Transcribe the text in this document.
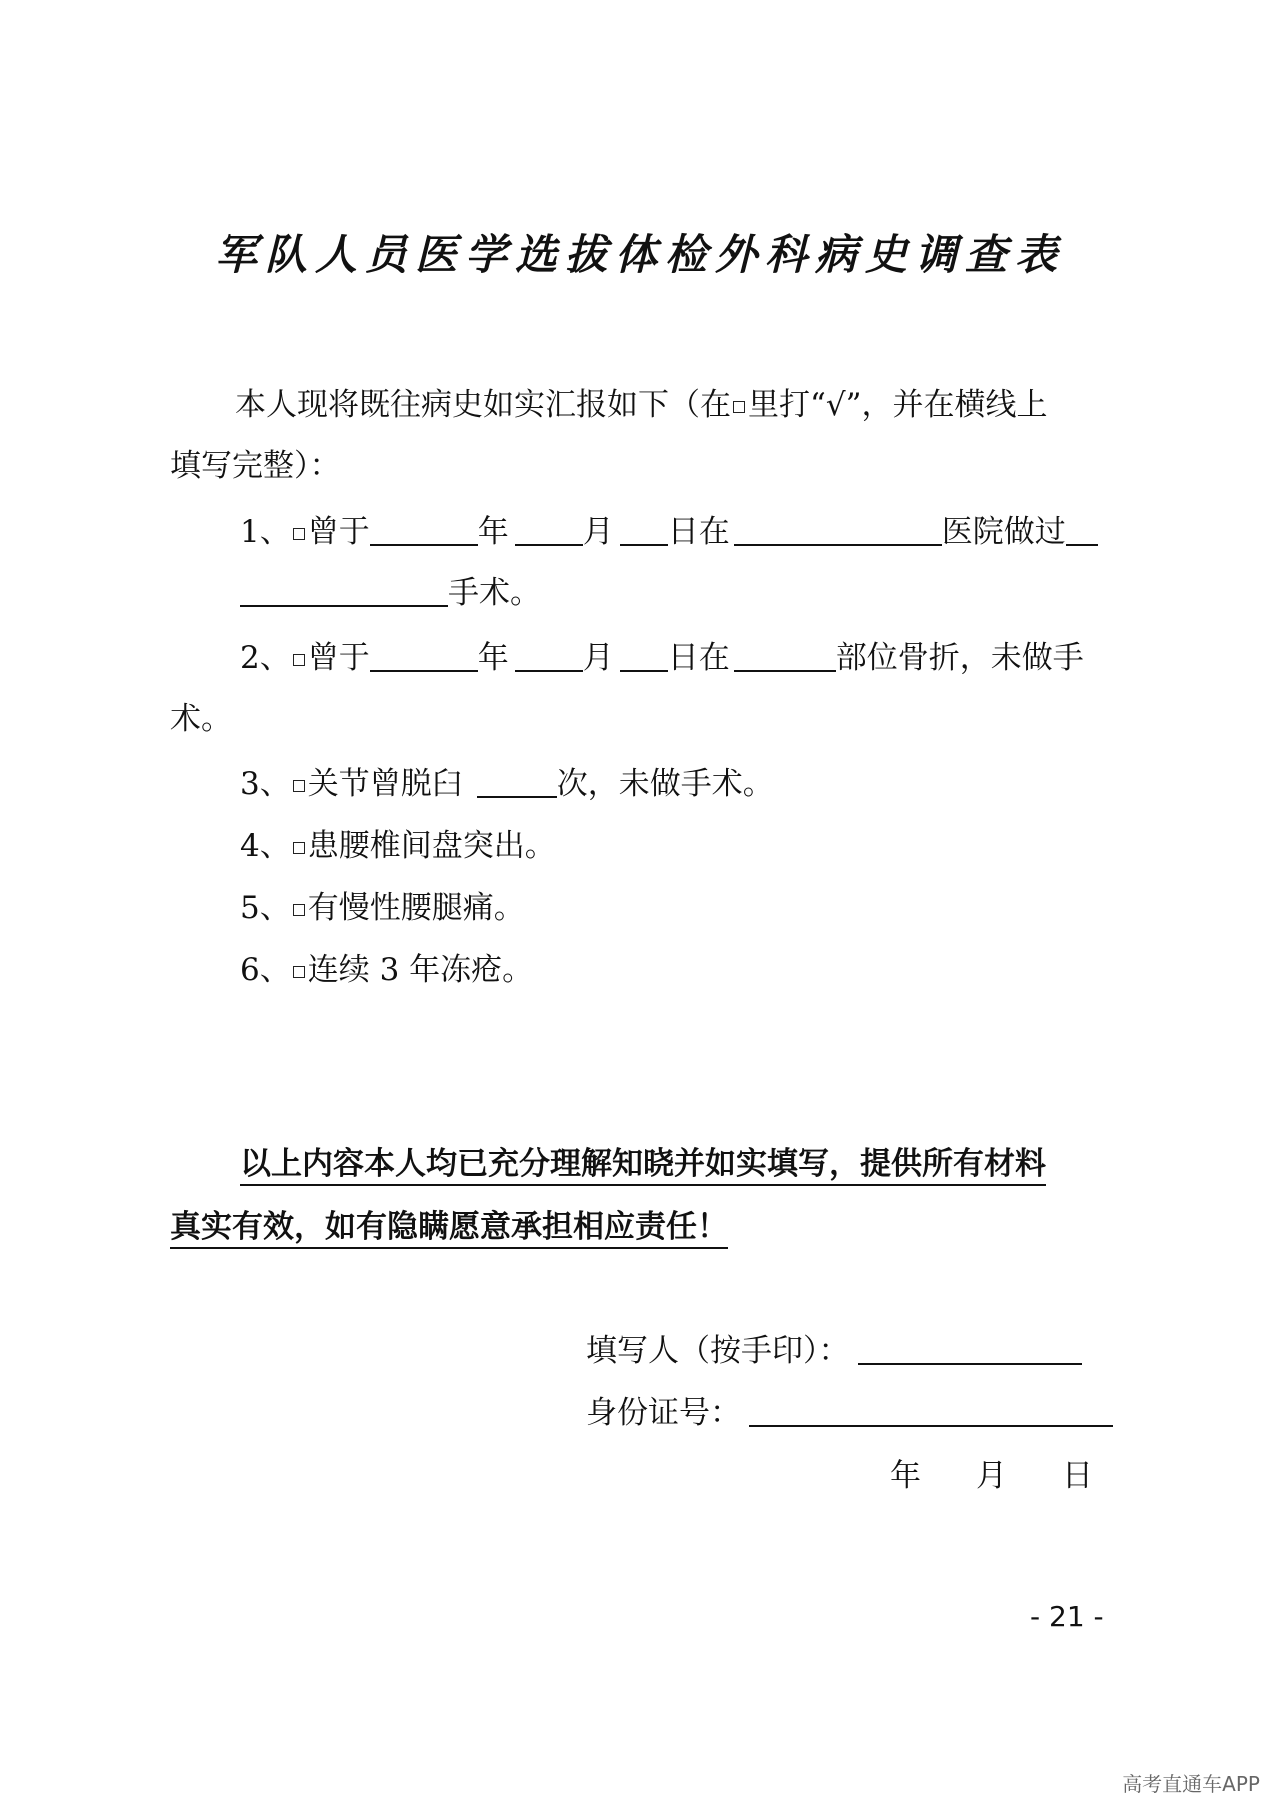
军队人员医学选拔体检外科病史调查表
本人现将既往病史如实汇报如下（在 里打“√”，并在横线上
填写完整）：
1、 曾于	年 月 日在	医院做过
手术。
2、 曾于	年 月 日在	部位骨折，未做手
术。
3、 关节曾脱臼	次，未做手术。
4、 患腰椎间盘突出。
5、 有慢性腰腿痛。
6、 连续 3 年冻疮。
以上内容本人均已充分理解知晓并如实填写，提供所有材料
真实有效，如有隐瞒愿意承担相应责任！
填写人（按手印）：
身份证号：
年 月 日
- 21 -
高考直通车APP
